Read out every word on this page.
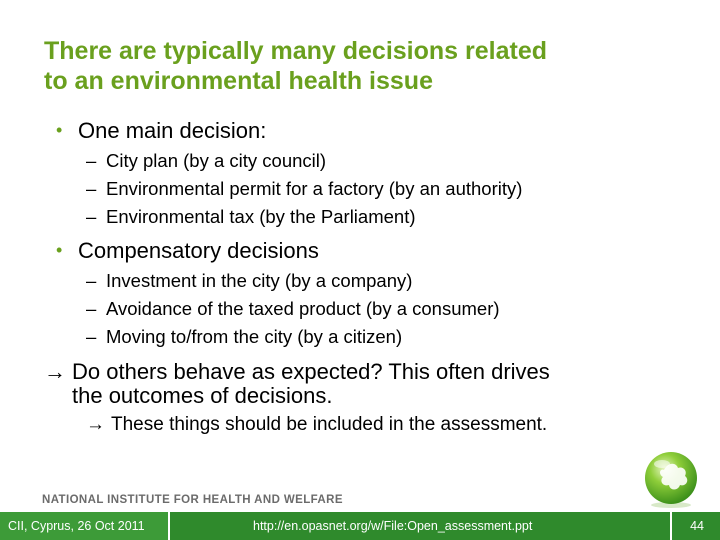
There are typically many decisions related
to an environmental health issue
• One main decision:
– City plan (by a city council)
– Environmental permit for a factory (by an authority)
– Environmental tax (by the Parliament)
• Compensatory decisions
– Investment in the city (by a company)
– Avoidance of the taxed product (by a consumer)
– Moving to/from the city (by a citizen)
→ Do others behave as expected? This often drives
the outcomes of decisions.
→ These things should be included in the assessment.
NATIONAL INSTITUTE FOR HEALTH AND WELFARE
CII, Cyprus, 26 Oct 2011	http://en.opasnet.org/w/File:Open_assessment.ppt	44
